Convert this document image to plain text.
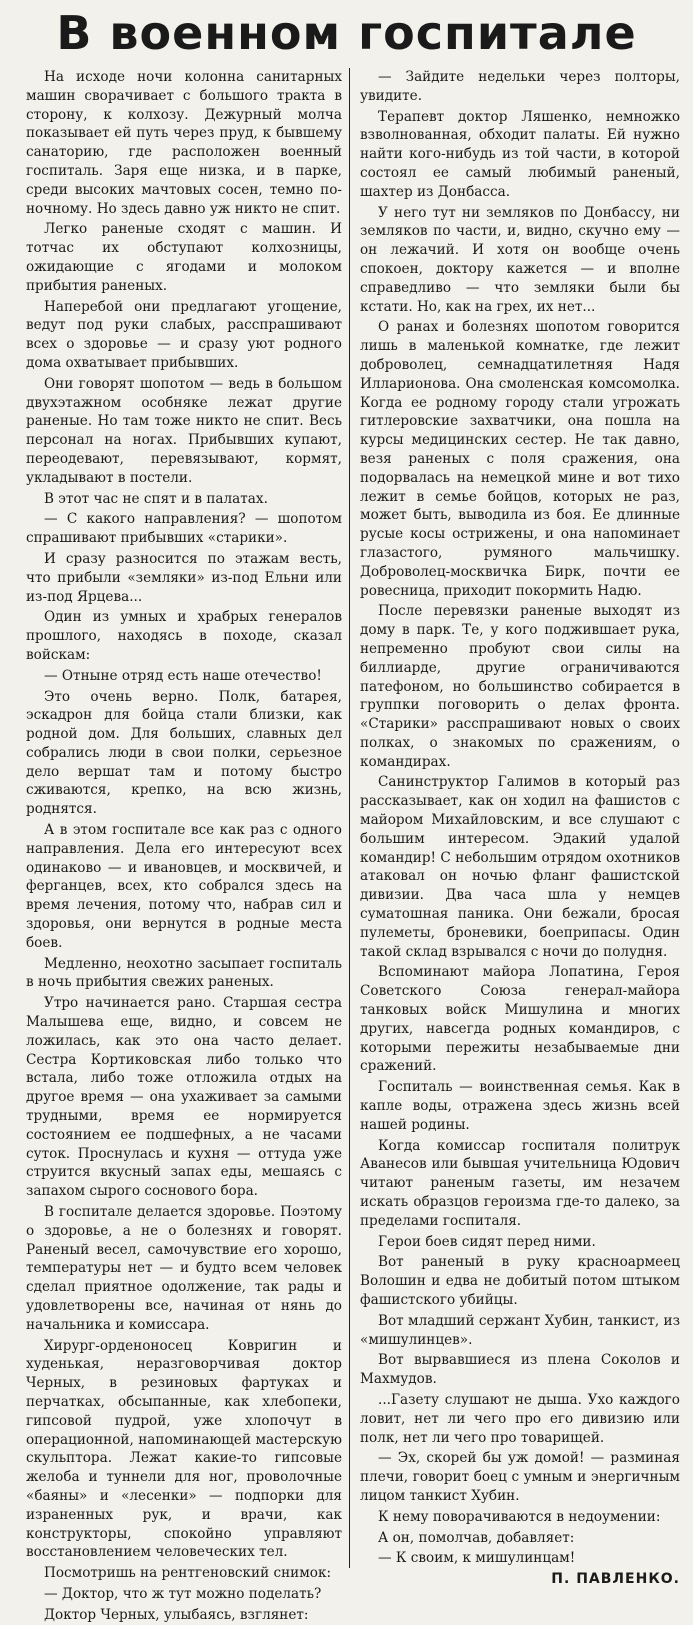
В военном госпитале

На исходе ночи колонна санитарных машин сворачивает с большого тракта в сторону, к колхозу. Дежурный молча показывает ей путь через пруд, к бывшему санаторию, где расположен военный госпиталь. Заря еще низка, и в парке, среди высоких мачтовых сосен, темно по-ночному. Но здесь давно уж никто не спит.

Легко раненые сходят с машин. И тотчас их обступают колхозницы, ожидающие с ягодами и молоком прибытия раненых.

Наперебой они предлагают угощение, ведут под руки слабых, расспрашивают всех о здоровье — и сразу уют родного дома охватывает прибывших.

Они говорят шопотом — ведь в большом двухэтажном особняке лежат другие раненые. Но там тоже никто не спит. Весь персонал на ногах. Прибывших купают, переодевают, перевязывают, кормят, укладывают в постели.

В этот час не спят и в палатах.

— С какого направления? — шопотом спрашивают прибывших «старики».

И сразу разносится по этажам весть, что прибыли «земляки» из-под Ельни или из-под Ярцева...

Один из умных и храбрых генералов прошлого, находясь в походе, сказал войскам:

— Отныне отряд есть наше отечество!

Это очень верно. Полк, батарея, эскадрон для бойца стали близки, как родной дом. Для больших, славных дел собрались люди в свои полки, серьезное дело вершат там и потому быстро сживаются, крепко, на всю жизнь, роднятся.

А в этом госпитале все как раз с одного направления. Дела его интересуют всех одинаково — и ивановцев, и москвичей, и ферганцев, всех, кто собрался здесь на время лечения, потому что, набрав сил и здоровья, они вернутся в родные места боев.

Медленно, неохотно засыпает госпиталь в ночь прибытия свежих раненых.

Утро начинается рано. Старшая сестра Малышева еще, видно, и совсем не ложилась, как это она часто делает. Сестра Кортиковская либо только что встала, либо тоже отложила отдых на другое время — она ухаживает за самыми трудными, время ее нормируется состоянием ее подшефных, а не часами суток. Проснулась и кухня — оттуда уже струится вкусный запах еды, мешаясь с запахом сырого соснового бора.

В госпитале делается здоровье. Поэтому о здоровье, а не о болезнях и говорят. Раненый весел, самочувствие его хорошо, температуры нет — и будто всем человек сделал приятное одолжение, так рады и удовлетворены все, начиная от нянь до начальника и комиссара.

Хирург-орденоносец Ковригин и худенькая, неразговорчивая доктор Черных, в резиновых фартуках и перчатках, обсыпанные, как хлебопеки, гипсовой пудрой, уже хлопочут в операционной, напоминающей мастерскую скульптора. Лежат какие-то гипсовые желоба и туннели для ног, проволочные «баяны» и «лесенки» — подпорки для израненных рук, и врачи, как конструкторы, спокойно управляют восстановлением человеческих тел.

Посмотришь на рентгеновский снимок:

— Доктор, что ж тут можно поделать?

Доктор Черных, улыбаясь, взглянет:

— Зайдите недельки через полторы, увидите.

Терапевт доктор Ляшенко, немножко взволнованная, обходит палаты. Ей нужно найти кого-нибудь из той части, в которой состоял ее самый любимый раненый, шахтер из Донбасса.

У него тут ни земляков по Донбассу, ни земляков по части, и, видно, скучно ему — он лежачий. И хотя он вообще очень спокоен, доктору кажется — и вполне справедливо — что земляки были бы кстати. Но, как на грех, их нет...

О ранах и болезнях шопотом говорится лишь в маленькой комнатке, где лежит доброволец, семнадцатилетняя Надя Илларионова. Она смоленская комсомолка. Когда ее родному городу стали угрожать гитлеровские захватчики, она пошла на курсы медицинских сестер. Не так давно, везя раненых с поля сражения, она подорвалась на немецкой мине и вот тихо лежит в семье бойцов, которых не раз, может быть, выводила из боя. Ее длинные русые косы острижены, и она напоминает глазастого, румяного мальчишку. Доброволец-москвичка Бирк, почти ее ровесница, приходит покормить Надю.

После перевязки раненые выходят из дому в парк. Те, у кого поджившает рука, непременно пробуют свои силы на биллиарде, другие ограничиваются патефоном, но большинство собирается в группки поговорить о делах фронта. «Старики» расспрашивают новых о своих полках, о знакомых по сражениям, о командирах.

Санинструктор Галимов в который раз рассказывает, как он ходил на фашистов с майором Михайловским, и все слушают с большим интересом. Эдакий удалой командир! С небольшим отрядом охотников атаковал он ночью фланг фашистской дивизии. Два часа шла у немцев суматошная паника. Они бежали, бросая пулеметы, броневики, боеприпасы. Один такой склад взрывался с ночи до полудня.

Вспоминают майора Лопатина, Героя Советского Союза генерал-майора танковых войск Мишулина и многих других, навсегда родных командиров, с которыми пережиты незабываемые дни сражений.

Госпиталь — воинственная семья. Как в капле воды, отражена здесь жизнь всей нашей родины.

Когда комиссар госпиталя политрук Аванесов или бывшая учительница Юдович читают раненым газеты, им незачем искать образцов героизма где-то далеко, за пределами госпиталя.

Герои боев сидят перед ними.

Вот раненый в руку красноармеец Волошин и едва не добитый потом штыком фашистского убийцы.

Вот младший сержант Хубин, танкист, из «мишулинцев».

Вот вырвавшиеся из плена Соколов и Махмудов.

...Газету слушают не дыша. Ухо каждого ловит, нет ли чего про его дивизию или полк, нет ли чего про товарищей.

— Эх, скорей бы уж домой! — разминая плечи, говорит боец с умным и энергичным лицом танкист Хубин.

К нему поворачиваются в недоумении:

А он, помолчав, добавляет:

— К своим, к мишулинцам!

П. ПАВЛЕНКО.
